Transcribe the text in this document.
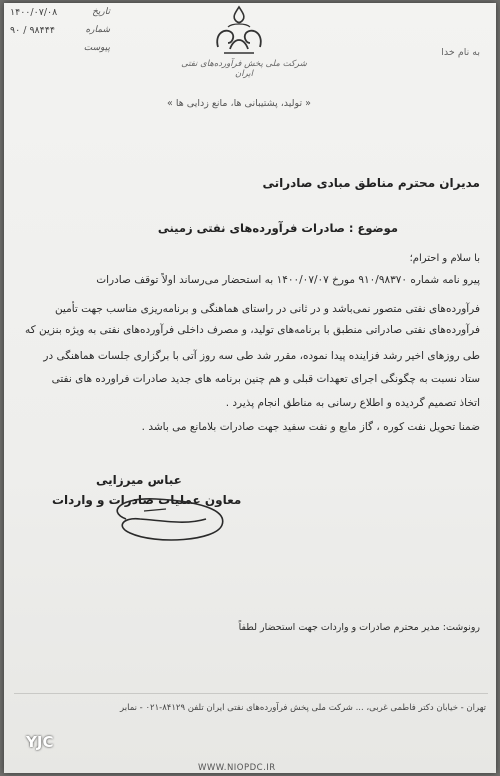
تاریخ
۱۴۰۰/۰۷/۰۸
شماره
۹۰ / ۹۸۴۴۴
پیوست
شرکت ملی پخش فرآورده‌های نفتی ایران
« تولید، پشتیبانی ها، مانع زدایی ها »
به نام خدا
مدیران محترم مناطق مبادی صادراتی
موضوع : صادرات فرآورده‌های نفتی زمینی
با سلام و احترام؛
پیرو نامه شماره ۹۱۰/۹۸۳۷۰ مورخ ۱۴۰۰/۰۷/۰۷ به استحضار می‌رساند اولاً توقف صادرات
فرآورده‌های نفتی متصور نمی‌باشد و در ثانی در راستای هماهنگی و برنامه‌ریزی مناسب جهت تأمین
فرآورده‌های نفتی صادراتی منطبق با برنامه‌های تولید، و مصرف داخلی فرآورده‌های نفتی به ویژه بنزین که
طی روزهای اخیر رشد فزاینده پیدا نموده، مقرر شد طی سه روز آتی با برگزاری جلسات هماهنگی در
ستاد نسبت به چگونگی اجرای تعهدات قبلی و هم چنین برنامه های جدید صادرات فراورده های نفتی
اتخاذ تصمیم گردیده و اطلاع رسانی به مناطق انجام پذیرد .
ضمنا تحویل نفت کوره ، گاز مایع و نفت سفید جهت صادرات بلامانع می باشد .
عباس میرزایی
معاون عملیات صادرات و واردات
رونوشت: مدیر محترم صادرات و واردات جهت استحضار لطفاً
تهران - خیابان دکتر فاطمی غربی، ... شرکت ملی پخش فرآورده‌های نفتی ایران تلفن ۸۴۱۲۹-۰۲۱ - نمابر
WWW.NIOPDC.IR
YJC
